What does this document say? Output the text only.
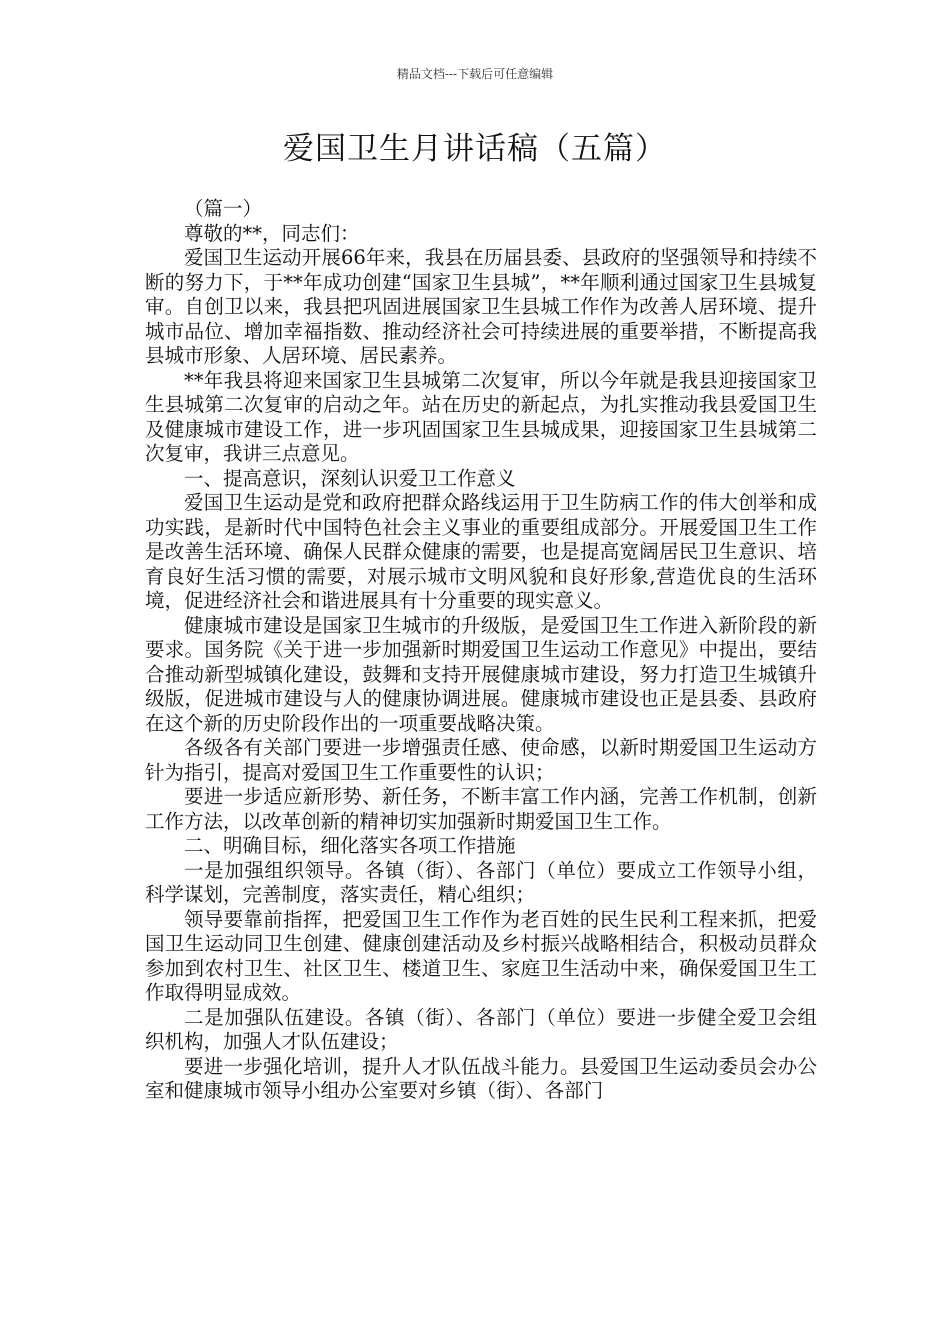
精品文档---下载后可任意编辑
爱国卫生月讲话稿（五篇）

（篇一）

尊敬的**，同志们：

爱国卫生运动开展66年来，我县在历届县委、县政府的坚强领导和持续不断的努力下，于**年成功创建“国家卫生县城”，**年顺利通过国家卫生县城复审。自创卫以来，我县把巩固进展国家卫生县城工作作为改善人居环境、提升城市品位、增加幸福指数、推动经济社会可持续进展的重要举措，不断提高我县城市形象、人居环境、居民素养。

**年我县将迎来国家卫生县城第二次复审，所以今年就是我县迎接国家卫生县城第二次复审的启动之年。站在历史的新起点，为扎实推动我县爱国卫生及健康城市建设工作，进一步巩固国家卫生县城成果，迎接国家卫生县城第二次复审，我讲三点意见。

一、提高意识，深刻认识爱卫工作意义

爱国卫生运动是党和政府把群众路线运用于卫生防病工作的伟大创举和成功实践，是新时代中国特色社会主义事业的重要组成部分。开展爱国卫生工作是改善生活环境、确保人民群众健康的需要，也是提高宽阔居民卫生意识、培育良好生活习惯的需要，对展示城市文明风貌和良好形象,营造优良的生活环境，促进经济社会和谐进展具有十分重要的现实意义。

健康城市建设是国家卫生城市的升级版，是爱国卫生工作进入新阶段的新要求。国务院《关于进一步加强新时期爱国卫生运动工作意见》中提出，要结合推动新型城镇化建设，鼓舞和支持开展健康城市建设，努力打造卫生城镇升级版，促进城市建设与人的健康协调进展。健康城市建设也正是县委、县政府在这个新的历史阶段作出的一项重要战略决策。

各级各有关部门要进一步增强责任感、使命感，以新时期爱国卫生运动方针为指引，提高对爱国卫生工作重要性的认识；

要进一步适应新形势、新任务，不断丰富工作内涵，完善工作机制，创新工作方法，以改革创新的精神切实加强新时期爱国卫生工作。

二、明确目标，细化落实各项工作措施

一是加强组织领导。各镇（街）、各部门（单位）要成立工作领导小组，科学谋划，完善制度，落实责任，精心组织；

领导要靠前指挥，把爱国卫生工作作为老百姓的民生民利工程来抓，把爱国卫生运动同卫生创建、健康创建活动及乡村振兴战略相结合，积极动员群众参加到农村卫生、社区卫生、楼道卫生、家庭卫生活动中来，确保爱国卫生工作取得明显成效。

二是加强队伍建设。各镇（街）、各部门（单位）要进一步健全爱卫会组织机构，加强人才队伍建设；

要进一步强化培训，提升人才队伍战斗能力。县爱国卫生运动委员会办公室和健康城市领导小组办公室要对乡镇（街）、各部门
